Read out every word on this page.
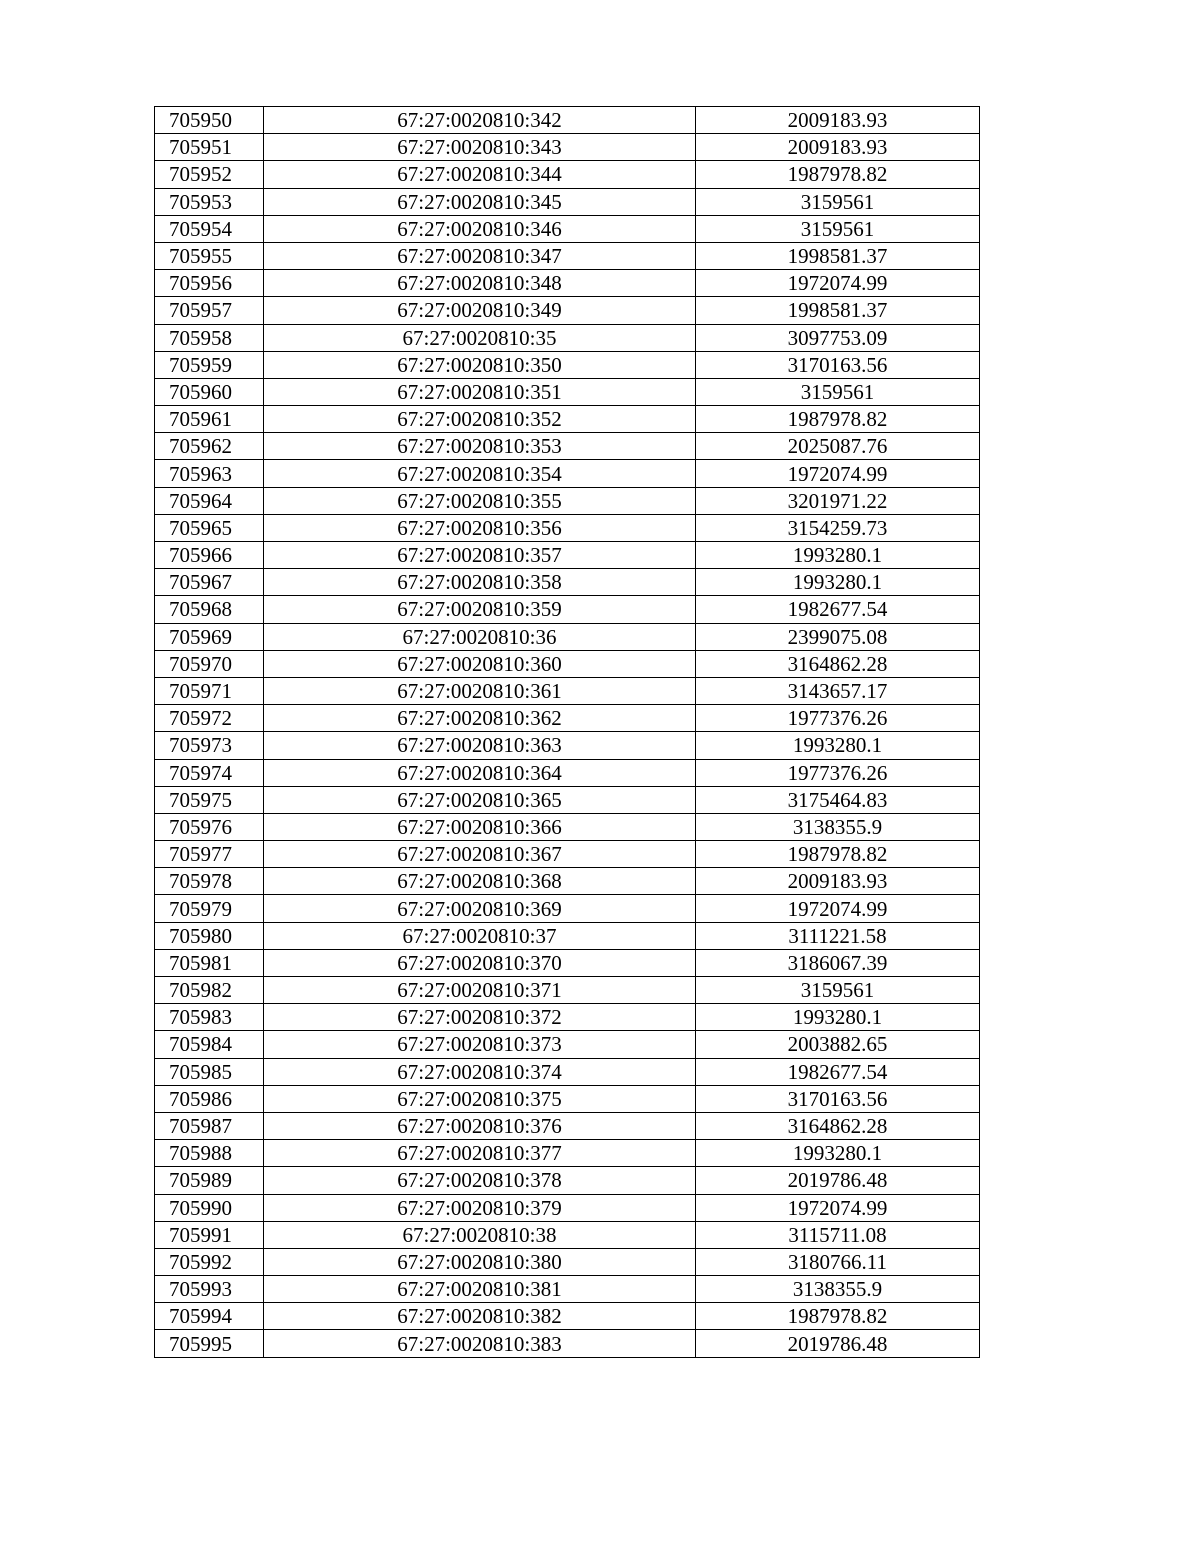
705950	67:27:0020810:342	2009183.93
705951	67:27:0020810:343	2009183.93
705952	67:27:0020810:344	1987978.82
705953	67:27:0020810:345	3159561
705954	67:27:0020810:346	3159561
705955	67:27:0020810:347	1998581.37
705956	67:27:0020810:348	1972074.99
705957	67:27:0020810:349	1998581.37
705958	67:27:0020810:35	3097753.09
705959	67:27:0020810:350	3170163.56
705960	67:27:0020810:351	3159561
705961	67:27:0020810:352	1987978.82
705962	67:27:0020810:353	2025087.76
705963	67:27:0020810:354	1972074.99
705964	67:27:0020810:355	3201971.22
705965	67:27:0020810:356	3154259.73
705966	67:27:0020810:357	1993280.1
705967	67:27:0020810:358	1993280.1
705968	67:27:0020810:359	1982677.54
705969	67:27:0020810:36	2399075.08
705970	67:27:0020810:360	3164862.28
705971	67:27:0020810:361	3143657.17
705972	67:27:0020810:362	1977376.26
705973	67:27:0020810:363	1993280.1
705974	67:27:0020810:364	1977376.26
705975	67:27:0020810:365	3175464.83
705976	67:27:0020810:366	3138355.9
705977	67:27:0020810:367	1987978.82
705978	67:27:0020810:368	2009183.93
705979	67:27:0020810:369	1972074.99
705980	67:27:0020810:37	3111221.58
705981	67:27:0020810:370	3186067.39
705982	67:27:0020810:371	3159561
705983	67:27:0020810:372	1993280.1
705984	67:27:0020810:373	2003882.65
705985	67:27:0020810:374	1982677.54
705986	67:27:0020810:375	3170163.56
705987	67:27:0020810:376	3164862.28
705988	67:27:0020810:377	1993280.1
705989	67:27:0020810:378	2019786.48
705990	67:27:0020810:379	1972074.99
705991	67:27:0020810:38	3115711.08
705992	67:27:0020810:380	3180766.11
705993	67:27:0020810:381	3138355.9
705994	67:27:0020810:382	1987978.82
705995	67:27:0020810:383	2019786.48
